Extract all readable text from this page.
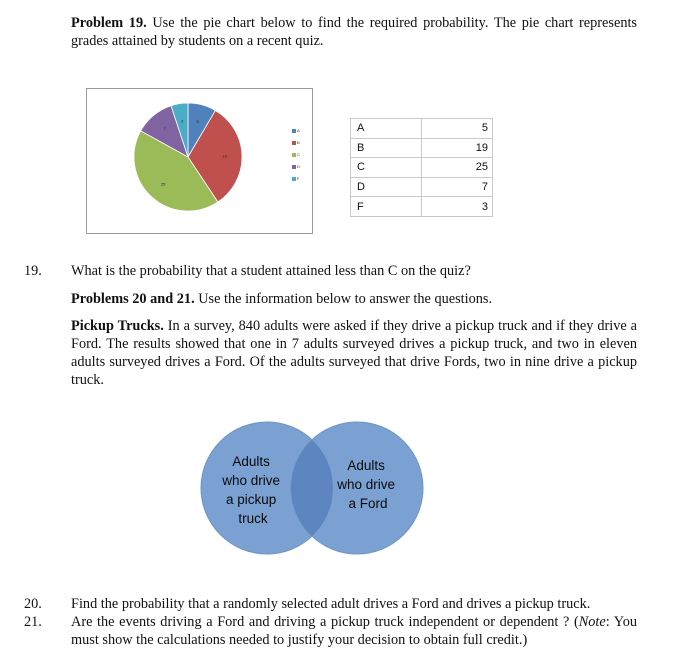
Problem 19. Use the pie chart below to find the required probability. The pie chart represents grades attained by students on a recent quiz.
5
19
25
7
3
A
B
C
D
F
A	5
B	19
C	25
D	7
F	3
19. What is the probability that a student attained less than C on the quiz?
Problems 20 and 21. Use the information below to answer the questions.
Pickup Trucks. In a survey, 840 adults were asked if they drive a pickup truck and if they drive a Ford. The results showed that one in 7 adults surveyed drives a pickup truck, and two in eleven adults surveyed drives a Ford. Of the adults surveyed that drive Fords, two in nine drive a pickup truck.
Adults who drive a pickup truck
Adults who drive a Ford
20. Find the probability that a randomly selected adult drives a Ford and drives a pickup truck.
21. Are the events driving a Ford and driving a pickup truck independent or dependent ? (Note: You must show the calculations needed to justify your decision to obtain full credit.)
